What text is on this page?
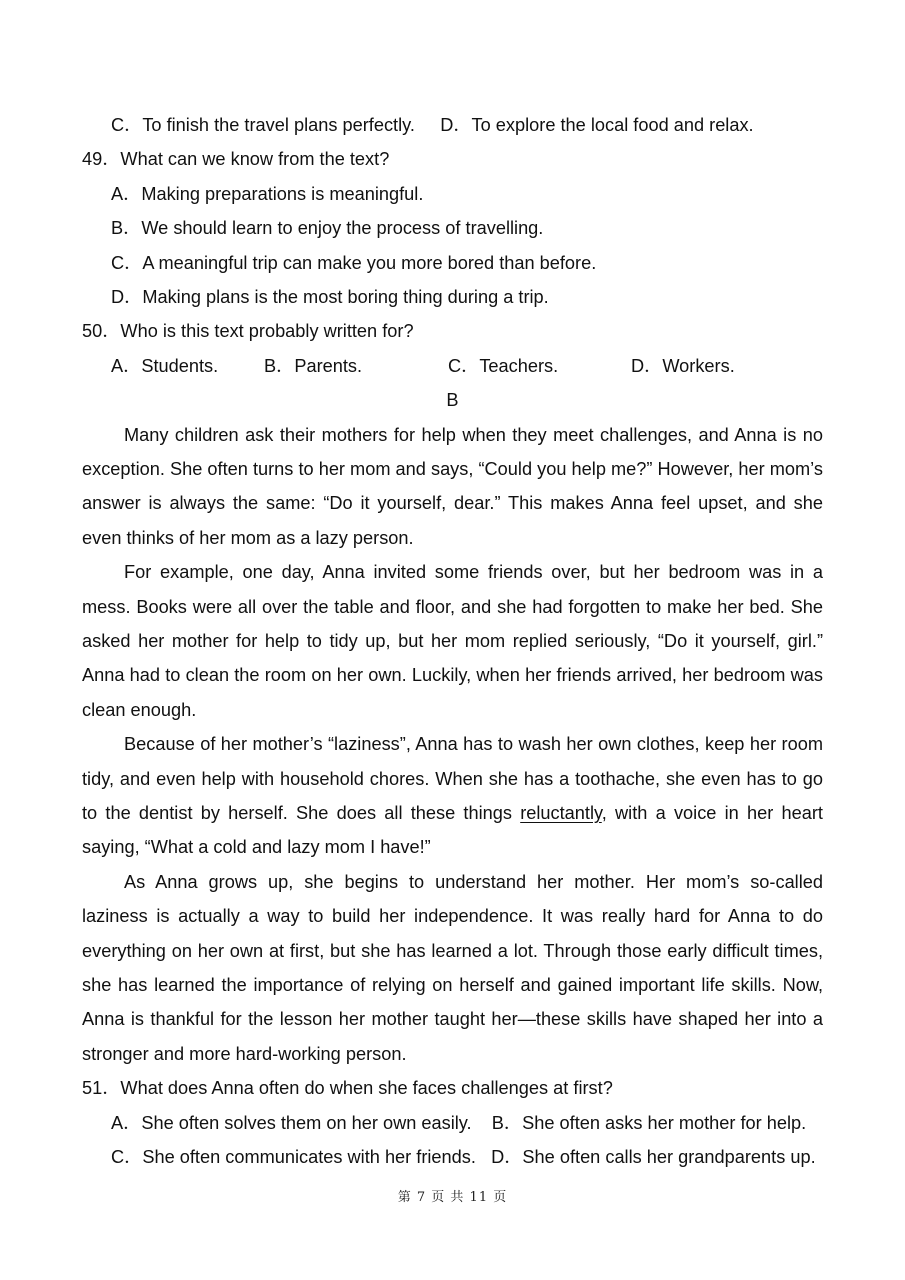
C．To finish the travel plans perfectly. D．To explore the local food and relax.
49．What can we know from the text?
A．Making preparations is meaningful.
B．We should learn to enjoy the process of travelling.
C．A meaningful trip can make you more bored than before.
D．Making plans is the most boring thing during a trip.
50．Who is this text probably written for?
A．Students.	B．Parents.	C．Teachers.	D．Workers.
B
Many children ask their mothers for help when they meet challenges, and Anna is no exception. She often turns to her mom and says, “Could you help me?” However, her mom’s answer is always the same: “Do it yourself, dear.” This makes Anna feel upset, and she even thinks of her mom as a lazy person.
For example, one day, Anna invited some friends over, but her bedroom was in a mess. Books were all over the table and floor, and she had forgotten to make her bed. She asked her mother for help to tidy up, but her mom replied seriously, “Do it yourself, girl.” Anna had to clean the room on her own. Luckily, when her friends arrived, her bedroom was clean enough.
Because of her mother’s “laziness”, Anna has to wash her own clothes, keep her room tidy, and even help with household chores. When she has a toothache, she even has to go to the dentist by herself. She does all these things reluctantly, with a voice in her heart saying, “What a cold and lazy mom I have!”
As Anna grows up, she begins to understand her mother. Her mom’s so-called laziness is actually a way to build her independence. It was really hard for Anna to do everything on her own at first, but she has learned a lot. Through those early difficult times, she has learned the importance of relying on herself and gained important life skills. Now, Anna is thankful for the lesson her mother taught her—these skills have shaped her into a stronger and more hard-working person.
51．What does Anna often do when she faces challenges at first?
A．She often solves them on her own easily. B．She often asks her mother for help.
C．She often communicates with her friends. D．She often calls her grandparents up.
第 7 页 共 11 页
